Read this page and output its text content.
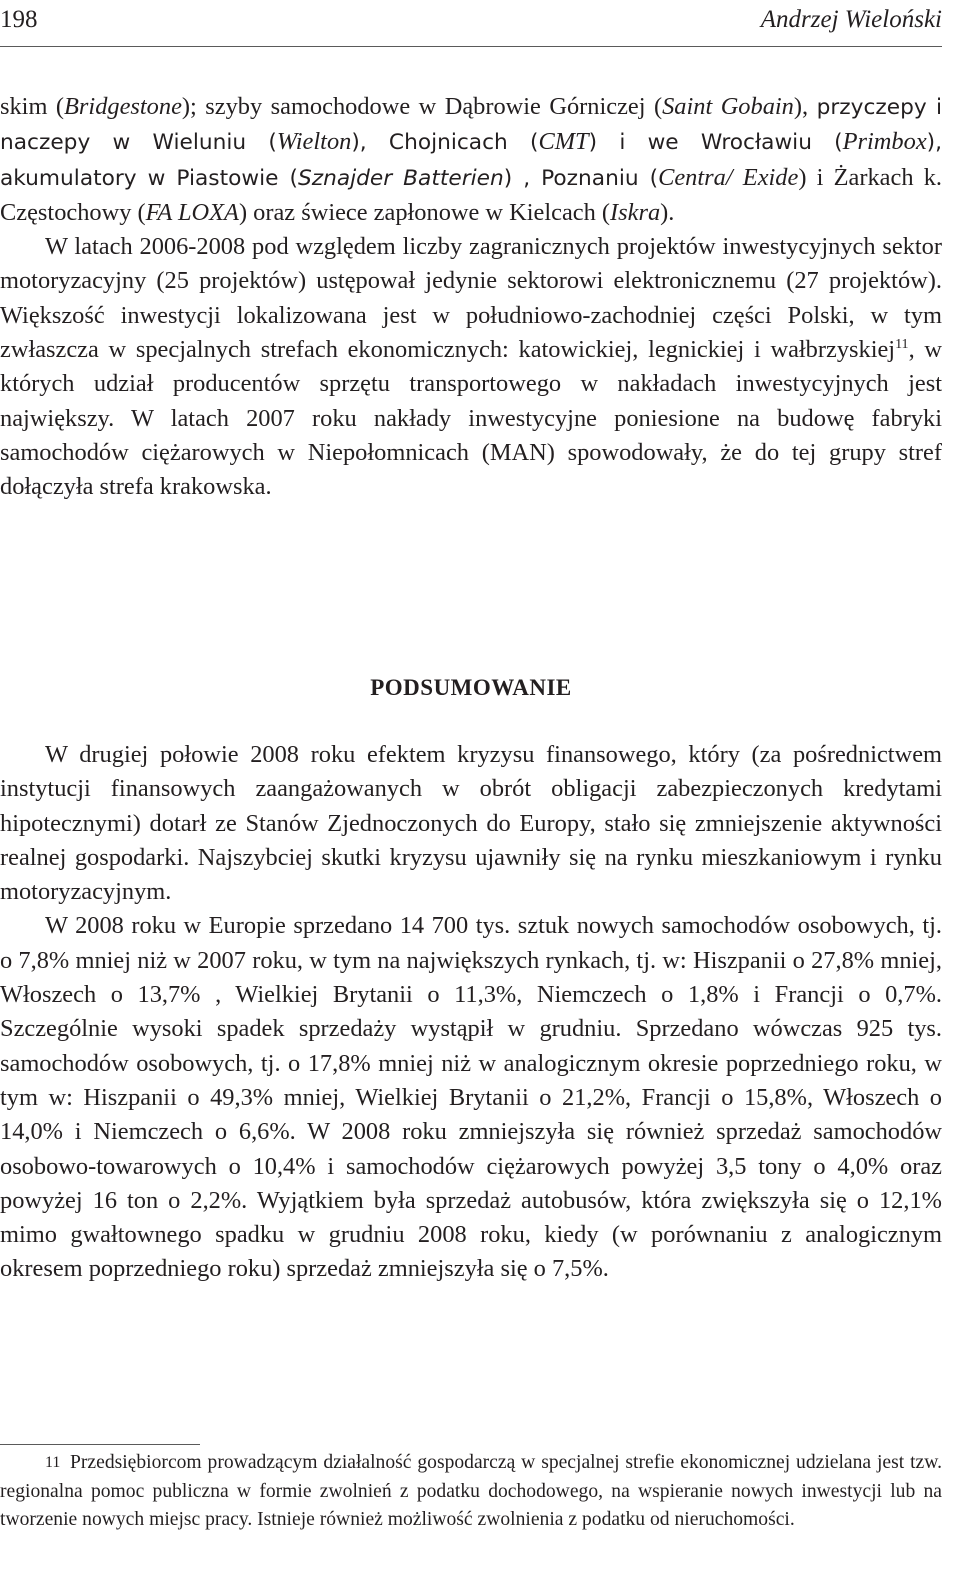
198	Andrzej Wieloński

skim (Bridgestone); szyby samochodowe w Dąbrowie Górniczej (Saint Gobain), przyczepy i naczepy w Wieluniu (Wielton), Chojnicach (CMT) i we Wrocławiu (Primbox), akumulatory w Piastowie (Sznajder Batterien) , Poznaniu (Centra/ Exide) i Żarkach k. Częstochowy (FA LOXA) oraz świece zapłonowe w Kielcach (Iskra).

W latach 2006-2008 pod względem liczby zagranicznych projektów inwestycyjnych sektor motoryzacyjny (25 projektów) ustępował jedynie sektorowi elektronicznemu (27 projektów). Większość inwestycji lokalizowana jest w południowo-zachodniej części Polski, w tym zwłaszcza w specjalnych strefach ekonomicznych: katowickiej, legnickiej i wałbrzyskiej$^{11}$, w których udział producentów sprzętu transportowego w nakładach inwestycyjnych jest największy. W latach 2007 roku nakłady inwestycyjne poniesione na budowę fabryki samochodów ciężarowych w Niepołomnicach (MAN) spowodowały, że do tej grupy stref dołączyła strefa krakowska.

PODSUMOWANIE

W drugiej połowie 2008 roku efektem kryzysu finansowego, który (za pośrednictwem instytucji finansowych zaangażowanych w obrót obligacji zabezpieczonych kredytami hipotecznymi) dotarł ze Stanów Zjednoczonych do Europy, stało się zmniejszenie aktywności realnej gospodarki. Najszybciej skutki kryzysu ujawniły się na rynku mieszkaniowym i rynku motoryzacyjnym.

W 2008 roku w Europie sprzedano 14 700 tys. sztuk nowych samochodów osobowych, tj. o 7,8% mniej niż w 2007 roku, w tym na największych rynkach, tj. w: Hiszpanii o 27,8% mniej, Włoszech o 13,7% , Wielkiej Brytanii o 11,3%, Niemczech o 1,8% i Francji o 0,7%. Szczególnie wysoki spadek sprzedaży wystąpił w grudniu. Sprzedano wówczas 925 tys. samochodów osobowych, tj. o 17,8% mniej niż w analogicznym okresie poprzedniego roku, w tym w: Hiszpanii o 49,3% mniej, Wielkiej Brytanii o 21,2%, Francji o 15,8%, Włoszech o 14,0% i Niemczech o 6,6%. W 2008 roku zmniejszyła się również sprzedaż samochodów osobowo-towarowych o 10,4% i samochodów ciężarowych powyżej 3,5 tony o 4,0% oraz powyżej 16 ton o 2,2%. Wyjątkiem była sprzedaż autobusów, która zwiększyła się o 12,1% mimo gwałtownego spadku w grudniu 2008 roku, kiedy (w porównaniu z analogicznym okresem poprzedniego roku) sprzedaż zmniejszyła się o 7,5%.

11 Przedsiębiorcom prowadzącym działalność gospodarczą w specjalnej strefie ekonomicznej udzielana jest tzw. regionalna pomoc publiczna w formie zwolnień z podatku dochodowego, na wspieranie nowych inwestycji lub na tworzenie nowych miejsc pracy. Istnieje również możliwość zwolnienia z podatku od nieruchomości.
